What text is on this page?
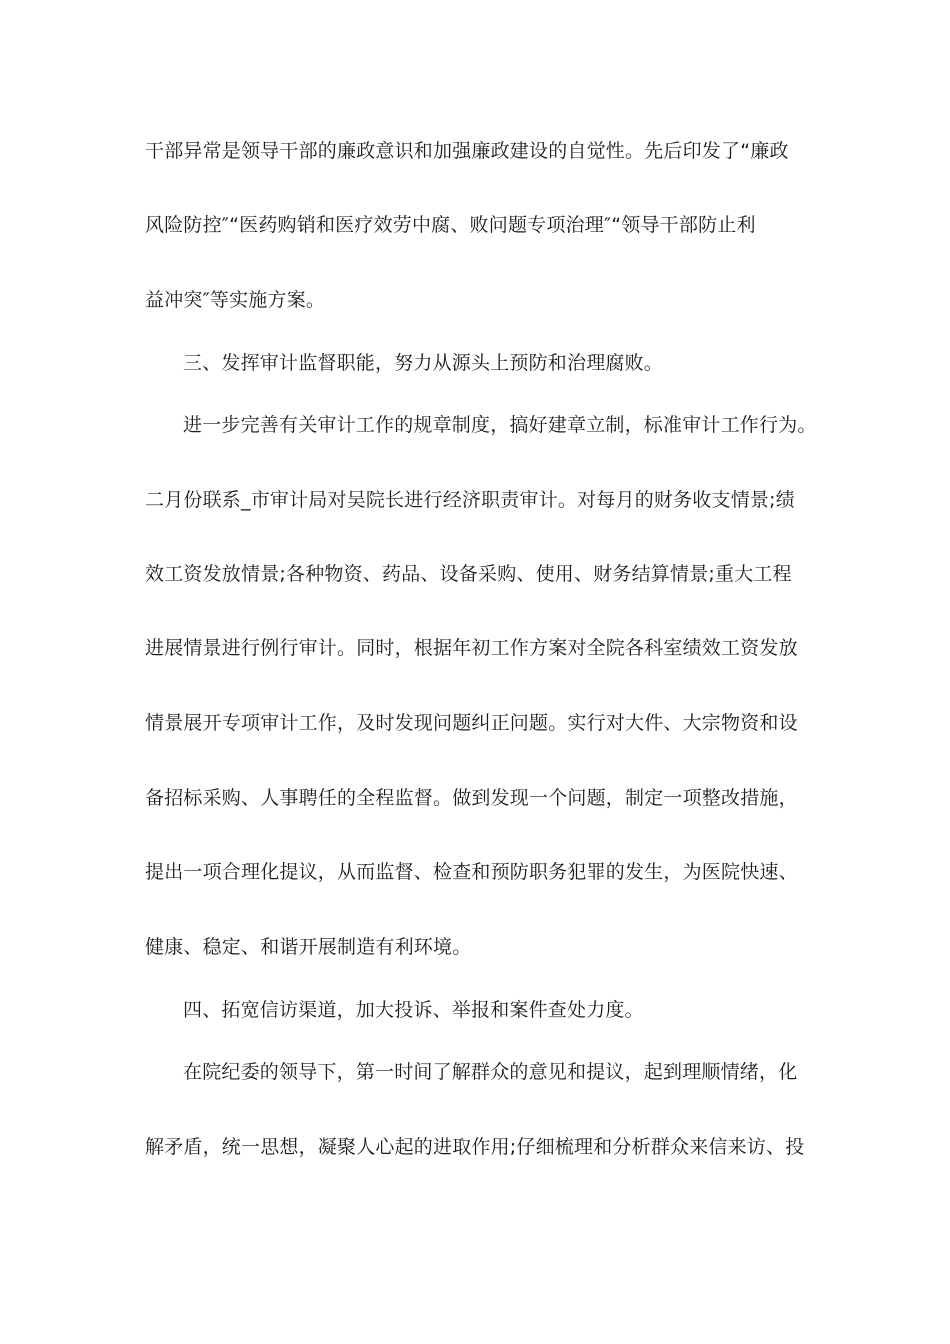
干部异常是领导干部的廉政意识和加强廉政建设的自觉性。先后印发了“廉政
风险防控″“医药购销和医疗效劳中腐、败问题专项治理″“领导干部防止利
益冲突″等实施方案。
三、发挥审计监督职能，努力从源头上预防和治理腐败。
进一步完善有关审计工作的规章制度，搞好建章立制，标准审计工作行为。
二月份联系_市审计局对吴院长进行经济职责审计。对每月的财务收支情景;绩
效工资发放情景;各种物资、药品、设备采购、使用、财务结算情景;重大工程
进展情景进行例行审计。同时，根据年初工作方案对全院各科室绩效工资发放
情景展开专项审计工作，及时发现问题纠正问题。实行对大件、大宗物资和设
备招标采购、人事聘任的全程监督。做到发现一个问题，制定一项整改措施，
提出一项合理化提议，从而监督、检查和预防职务犯罪的发生，为医院快速、
健康、稳定、和谐开展制造有利环境。
四、拓宽信访渠道，加大投诉、举报和案件查处力度。
在院纪委的领导下，第一时间了解群众的意见和提议，起到理顺情绪，化
解矛盾，统一思想，凝聚人心起的进取作用;仔细梳理和分析群众来信来访、投
